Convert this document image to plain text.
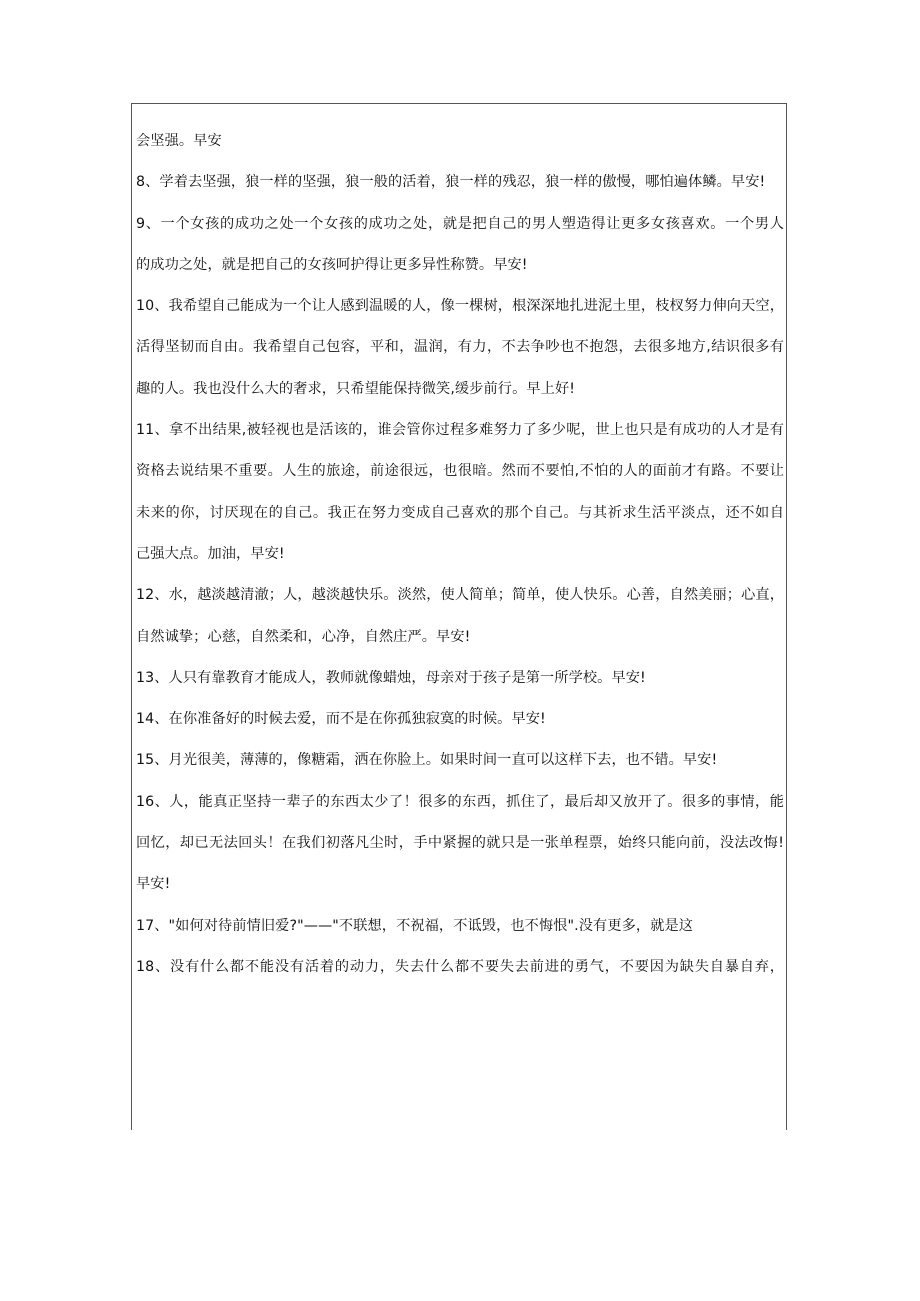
会坚强。早安
8、学着去坚强，狼一样的坚强，狼一般的活着，狼一样的残忍，狼一样的傲慢，哪怕遍体鳞。早安!
9、一个女孩的成功之处一个女孩的成功之处，就是把自己的男人塑造得让更多女孩喜欢。一个男人
的成功之处，就是把自己的女孩呵护得让更多异性称赞。早安!
10、我希望自己能成为一个让人感到温暖的人，像一棵树，根深深地扎进泥土里，枝杈努力伸向天空，
活得坚韧而自由。我希望自己包容，平和，温润，有力，不去争吵也不抱怨，去很多地方,结识很多有
趣的人。我也没什么大的奢求，只希望能保持微笑,缓步前行。早上好!
11、拿不出结果,被轻视也是活该的，谁会管你过程多难努力了多少呢，世上也只是有成功的人才是有
资格去说结果不重要。人生的旅途，前途很远，也很暗。然而不要怕,不怕的人的面前才有路。不要让
未来的你，讨厌现在的自己。我正在努力变成自己喜欢的那个自己。与其祈求生活平淡点，还不如自
己强大点。加油，早安!
12、水，越淡越清澈；人，越淡越快乐。淡然，使人简单；简单，使人快乐。心善，自然美丽；心直，
自然诚挚；心慈，自然柔和，心净，自然庄严。早安!
13、人只有靠教育才能成人，教师就像蜡烛，母亲对于孩子是第一所学校。早安!
14、在你准备好的时候去爱，而不是在你孤独寂寞的时候。早安!
15、月光很美，薄薄的，像糖霜，洒在你脸上。如果时间一直可以这样下去，也不错。早安!
16、人，能真正坚持一辈子的东西太少了！很多的东西，抓住了，最后却又放开了。很多的事情，能
回忆，却已无法回头！在我们初落凡尘时，手中紧握的就只是一张单程票，始终只能向前，没法改悔!
早安!
17、"如何对待前情旧爱?"——"不联想，不祝福，不诋毁，也不悔恨".没有更多，就是这
18、没有什么都不能没有活着的动力，失去什么都不要失去前进的勇气，不要因为缺失自暴自弃，
